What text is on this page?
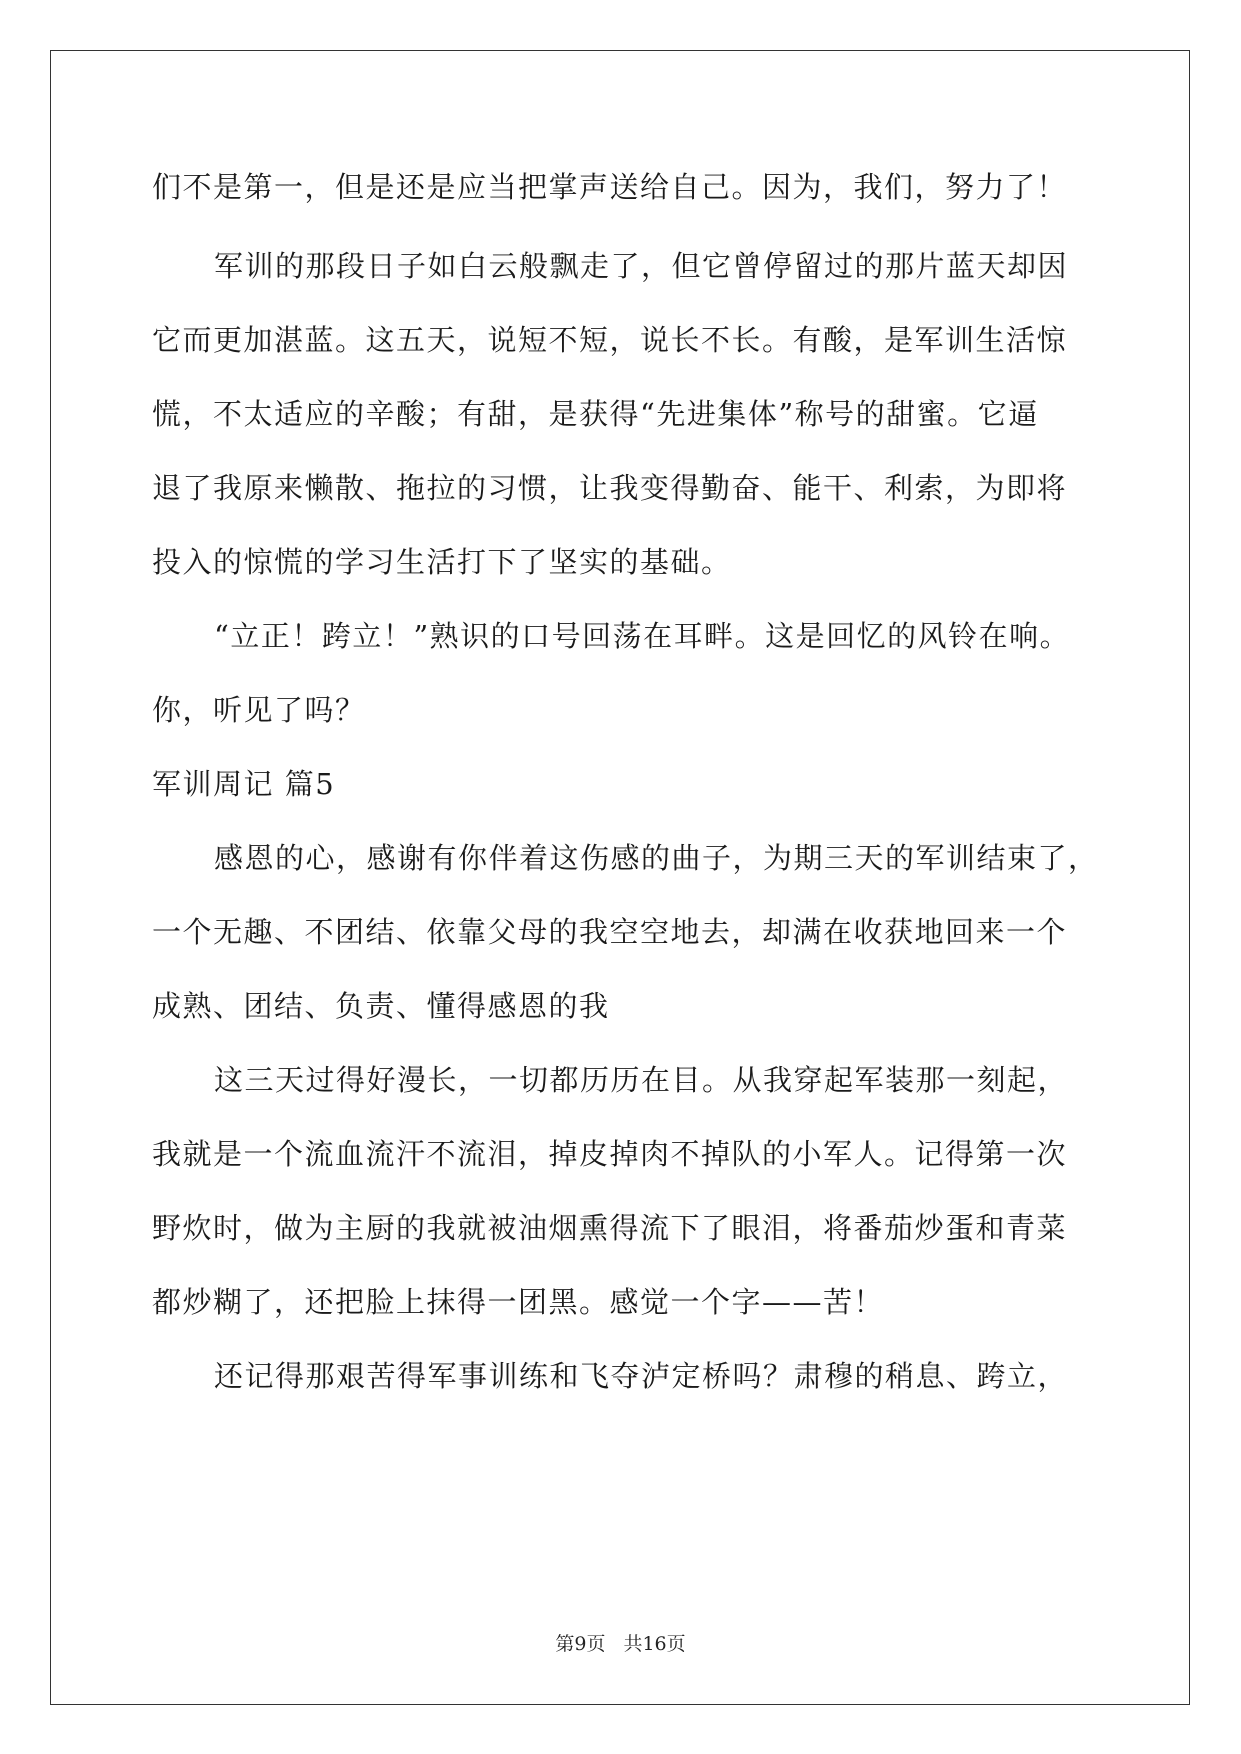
们不是第一，但是还是应当把掌声送给自己。因为，我们，努力了！

军训的那段日子如白云般飘走了，但它曾停留过的那片蓝天却因

它而更加湛蓝。这五天，说短不短，说长不长。有酸，是军训生活惊

慌，不太适应的辛酸；有甜，是获得“先进集体”称号的甜蜜。它逼

退了我原来懒散、拖拉的习惯，让我变得勤奋、能干、利索，为即将

投入的惊慌的学习生活打下了坚实的基础。

“立正！跨立！”熟识的口号回荡在耳畔。这是回忆的风铃在响。

你，听见了吗？

军训周记 篇5

感恩的心，感谢有你伴着这伤感的曲子，为期三天的军训结束了，

一个无趣、不团结、依靠父母的我空空地去，却满在收获地回来一个

成熟、团结、负责、懂得感恩的我

这三天过得好漫长，一切都历历在目。从我穿起军装那一刻起，

我就是一个流血流汗不流泪，掉皮掉肉不掉队的小军人。记得第一次

野炊时，做为主厨的我就被油烟熏得流下了眼泪，将番茄炒蛋和青菜

都炒糊了，还把脸上抹得一团黑。感觉一个字——苦！

还记得那艰苦得军事训练和飞夺泸定桥吗？肃穆的稍息、跨立，

第9页 共16页
